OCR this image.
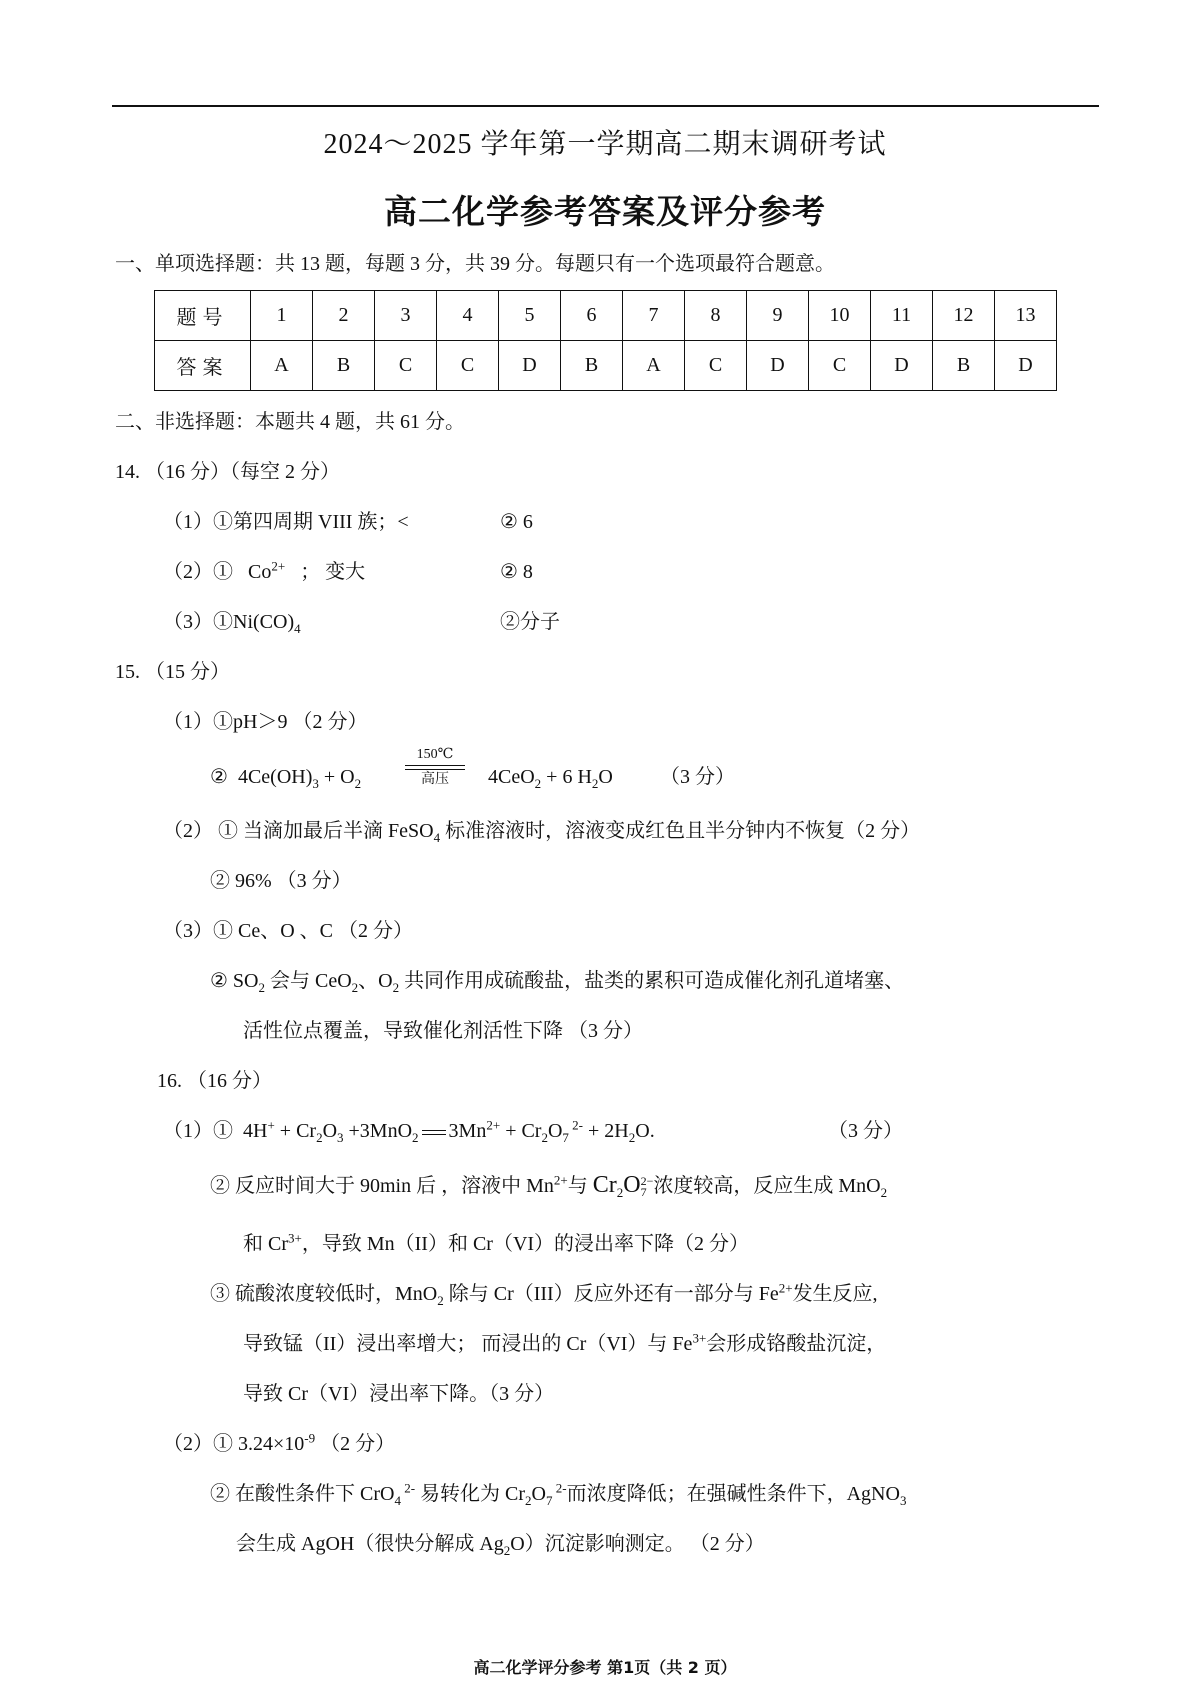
2024～2025 学年第一学期高二期末调研考试
高二化学参考答案及评分参考
一、单项选择题：共 13 题，每题 3 分，共 39 分。每题只有一个选项最符合题意。
题号	1	2	3	4	5	6	7	8	9	10	11	12	13
答案	A	B	C	C	D	B	A	C	D	C	D	B	D
二、非选择题：本题共 4 题，共 61 分。
14. （16 分）（每空 2 分）
（1）①第四周期 VIII 族；<	② 6
（2）① $Co^{2+}$ ； 变大	② 8
$(3)①Ni(CO)_4$	②分子
15. （15 分）
（1）①pH＞9 （2 分）
② $4Ce(OH)_3 + O_2$
150℃
高压	4CeO$_2$ + 6 $H_2O$ （3 分）
（2） ① 当滴加最后半滴 FeSO$_4$ 标准溶液时，溶液变成红色且半分钟内不恢复（2 分）
② 96% （3 分）
（3）① Ce、O 、C （2 分）
② $SO_2$ 会与 CeO$_2$、$O_2$ 共同作用成硫酸盐，盐类的累积可造成催化剂孔道堵塞、
活性位点覆盖，导致催化剂活性下降 （3 分）
16. （16 分）
（1）① $4H^+ + Cr_2O_3 +3MnO_2$ $3Mn^{2+} + Cr_2O_7$ $^{2-} + 2H_2O$.	（3 分）
② 反应时间大于 90min 后 ，溶液中 $Mn^{2+}$与 $Cr_2O2-$
7 浓度较高，反应生成 MnO$_2$
和 $Cr^{3+}$，导致 Mn（II）和 Cr（VI）的浸出率下降（2 分）
③ 硫酸浓度较低时，MnO$_2$ 除与 Cr（III）反应外还有一部分与 $Fe^{2+}$发生反应,
导致锰（II）浸出率增大； 而浸出的 Cr（VI）与 $Fe^{3+}$会形成铬酸盐沉淀，
导致 Cr（VI）浸出率下降。（3 分）
（2）① $3.24\times 10^{-9}$ （2 分）
② 在酸性条件下 CrO$_4$ $^{2-}$ 易转化为 $Cr_2O_7$ $^{2-}$而浓度降低；在强碱性条件下，AgNO$_3$
会生成 AgOH（很快分解成 $Ag_2O$）沉淀影响测定。 （2 分）
高二化学评分参考 第1页（共 2 页）
